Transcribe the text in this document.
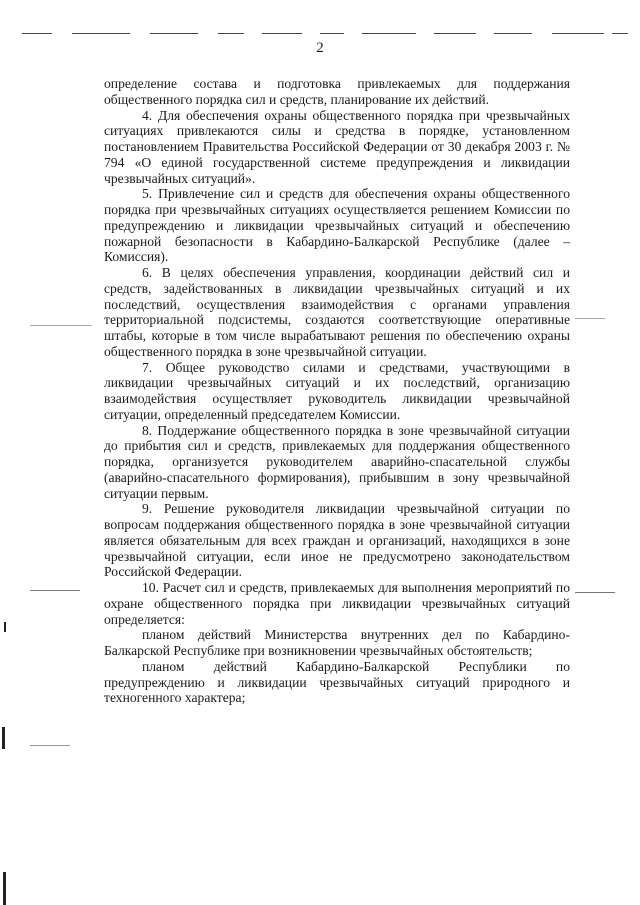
2

определение состава и подготовка привлекаемых для поддержания общественного порядка сил и средств, планирование их действий.

4. Для обеспечения охраны общественного порядка при чрезвычайных ситуациях привлекаются силы и средства в порядке, установленном постановлением Правительства Российской Федерации от 30 декабря 2003 г. № 794 «О единой государственной системе предупреждения и ликвидации чрезвычайных ситуаций».

5. Привлечение сил и средств для обеспечения охраны общественного порядка при чрезвычайных ситуациях осуществляется решением Комиссии по предупреждению и ликвидации чрезвычайных ситуаций и обеспечению пожарной безопасности в Кабардино-Балкарской Республике (далее – Комиссия).

6. В целях обеспечения управления, координации действий сил и средств, задействованных в ликвидации чрезвычайных ситуаций и их последствий, осуществления взаимодействия с органами управления территориальной подсистемы, создаются соответствующие оперативные штабы, которые в том числе вырабатывают решения по обеспечению охраны общественного порядка в зоне чрезвычайной ситуации.

7. Общее руководство силами и средствами, участвующими в ликвидации чрезвычайных ситуаций и их последствий, организацию взаимодействия осуществляет руководитель ликвидации чрезвычайной ситуации, определенный председателем Комиссии.

8. Поддержание общественного порядка в зоне чрезвычайной ситуации до прибытия сил и средств, привлекаемых для поддержания общественного порядка, организуется руководителем аварийно-спасательной службы (аварийно-спасательного формирования), прибывшим в зону чрезвычайной ситуации первым.

9. Решение руководителя ликвидации чрезвычайной ситуации по вопросам поддержания общественного порядка в зоне чрезвычайной ситуации является обязательным для всех граждан и организаций, находящихся в зоне чрезвычайной ситуации, если иное не предусмотрено законодательством Российской Федерации.

10. Расчет сил и средств, привлекаемых для выполнения мероприятий по охране общественного порядка при ликвидации чрезвычайных ситуаций определяется:

планом действий Министерства внутренних дел по Кабардино-Балкарской Республике при возникновении чрезвычайных обстоятельств;

планом действий Кабардино-Балкарской Республики по предупреждению и ликвидации чрезвычайных ситуаций природного и техногенного характера;
